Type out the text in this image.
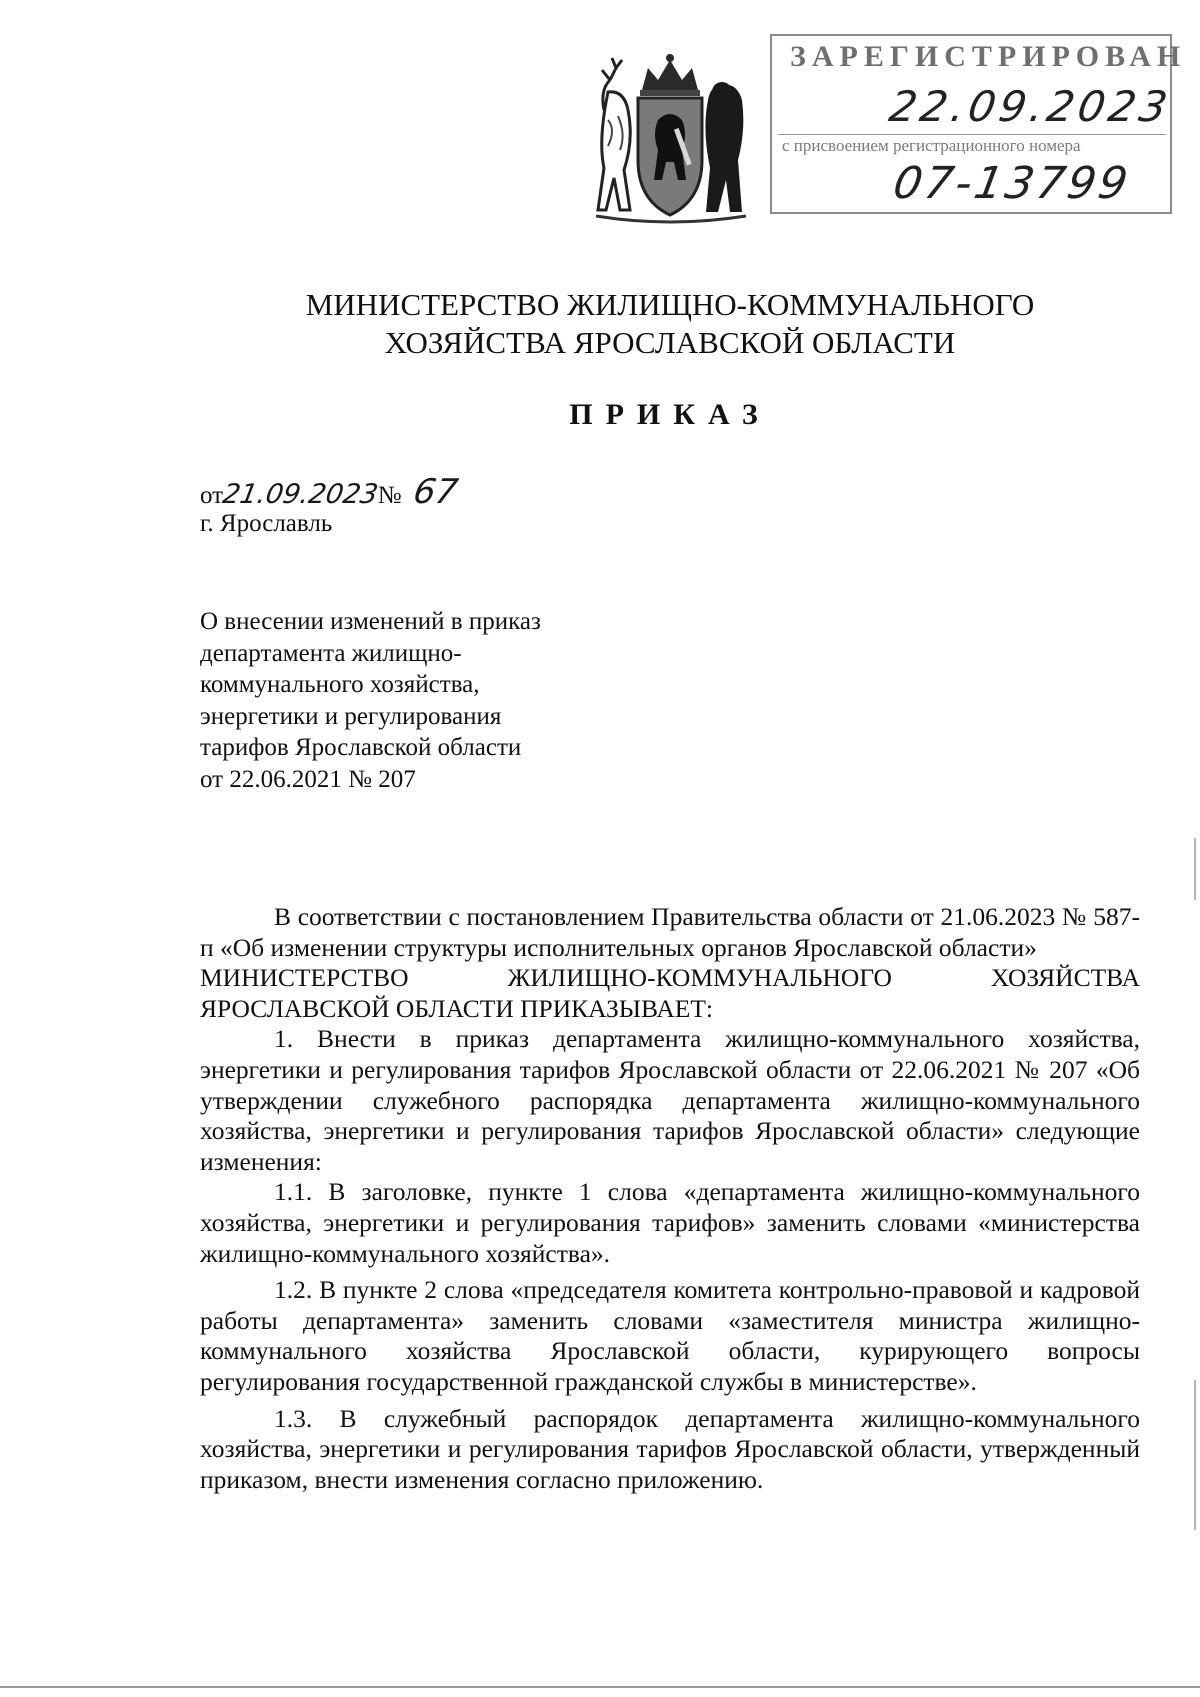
ЗАРЕГИСТРИРОВАН
22.09.2023
с присвоением регистрационного номера
07-13799
МИНИСТЕРСТВО ЖИЛИЩНО-КОММУНАЛЬНОГО
ХОЗЯЙСТВА ЯРОСЛАВСКОЙ ОБЛАСТИ
ПРИКАЗ
от21.09.2023№ 67
г. Ярославль
О внесении изменений в приказ
департамента жилищно-
коммунального хозяйства,
энергетики и регулирования
тарифов Ярославской области
от 22.06.2021 № 207

В соответствии с постановлением Правительства области от 21.06.2023 № 587-п «Об изменении структуры исполнительных органов Ярославской области»

МИНИСТЕРСТВО ЖИЛИЩНО-КОММУНАЛЬНОГО ХОЗЯЙСТВА ЯРОСЛАВСКОЙ ОБЛАСТИ ПРИКАЗЫВАЕТ:

1. Внести в приказ департамента жилищно-коммунального хозяйства, энергетики и регулирования тарифов Ярославской области от 22.06.2021 № 207 «Об утверждении служебного распорядка департамента жилищно-коммунального хозяйства, энергетики и регулирования тарифов Ярославской области» следующие изменения:

1.1. В заголовке, пункте 1 слова «департамента жилищно-коммунального хозяйства, энергетики и регулирования тарифов» заменить словами «министерства жилищно-коммунального хозяйства».

1.2. В пункте 2 слова «председателя комитета контрольно-правовой и кадровой работы департамента» заменить словами «заместителя министра жилищно-коммунального хозяйства Ярославской области, курирующего вопросы регулирования государственной гражданской службы в министерстве».

1.3. В служебный распорядок департамента жилищно-коммунального хозяйства, энергетики и регулирования тарифов Ярославской области, утвержденный приказом, внести изменения согласно приложению.
